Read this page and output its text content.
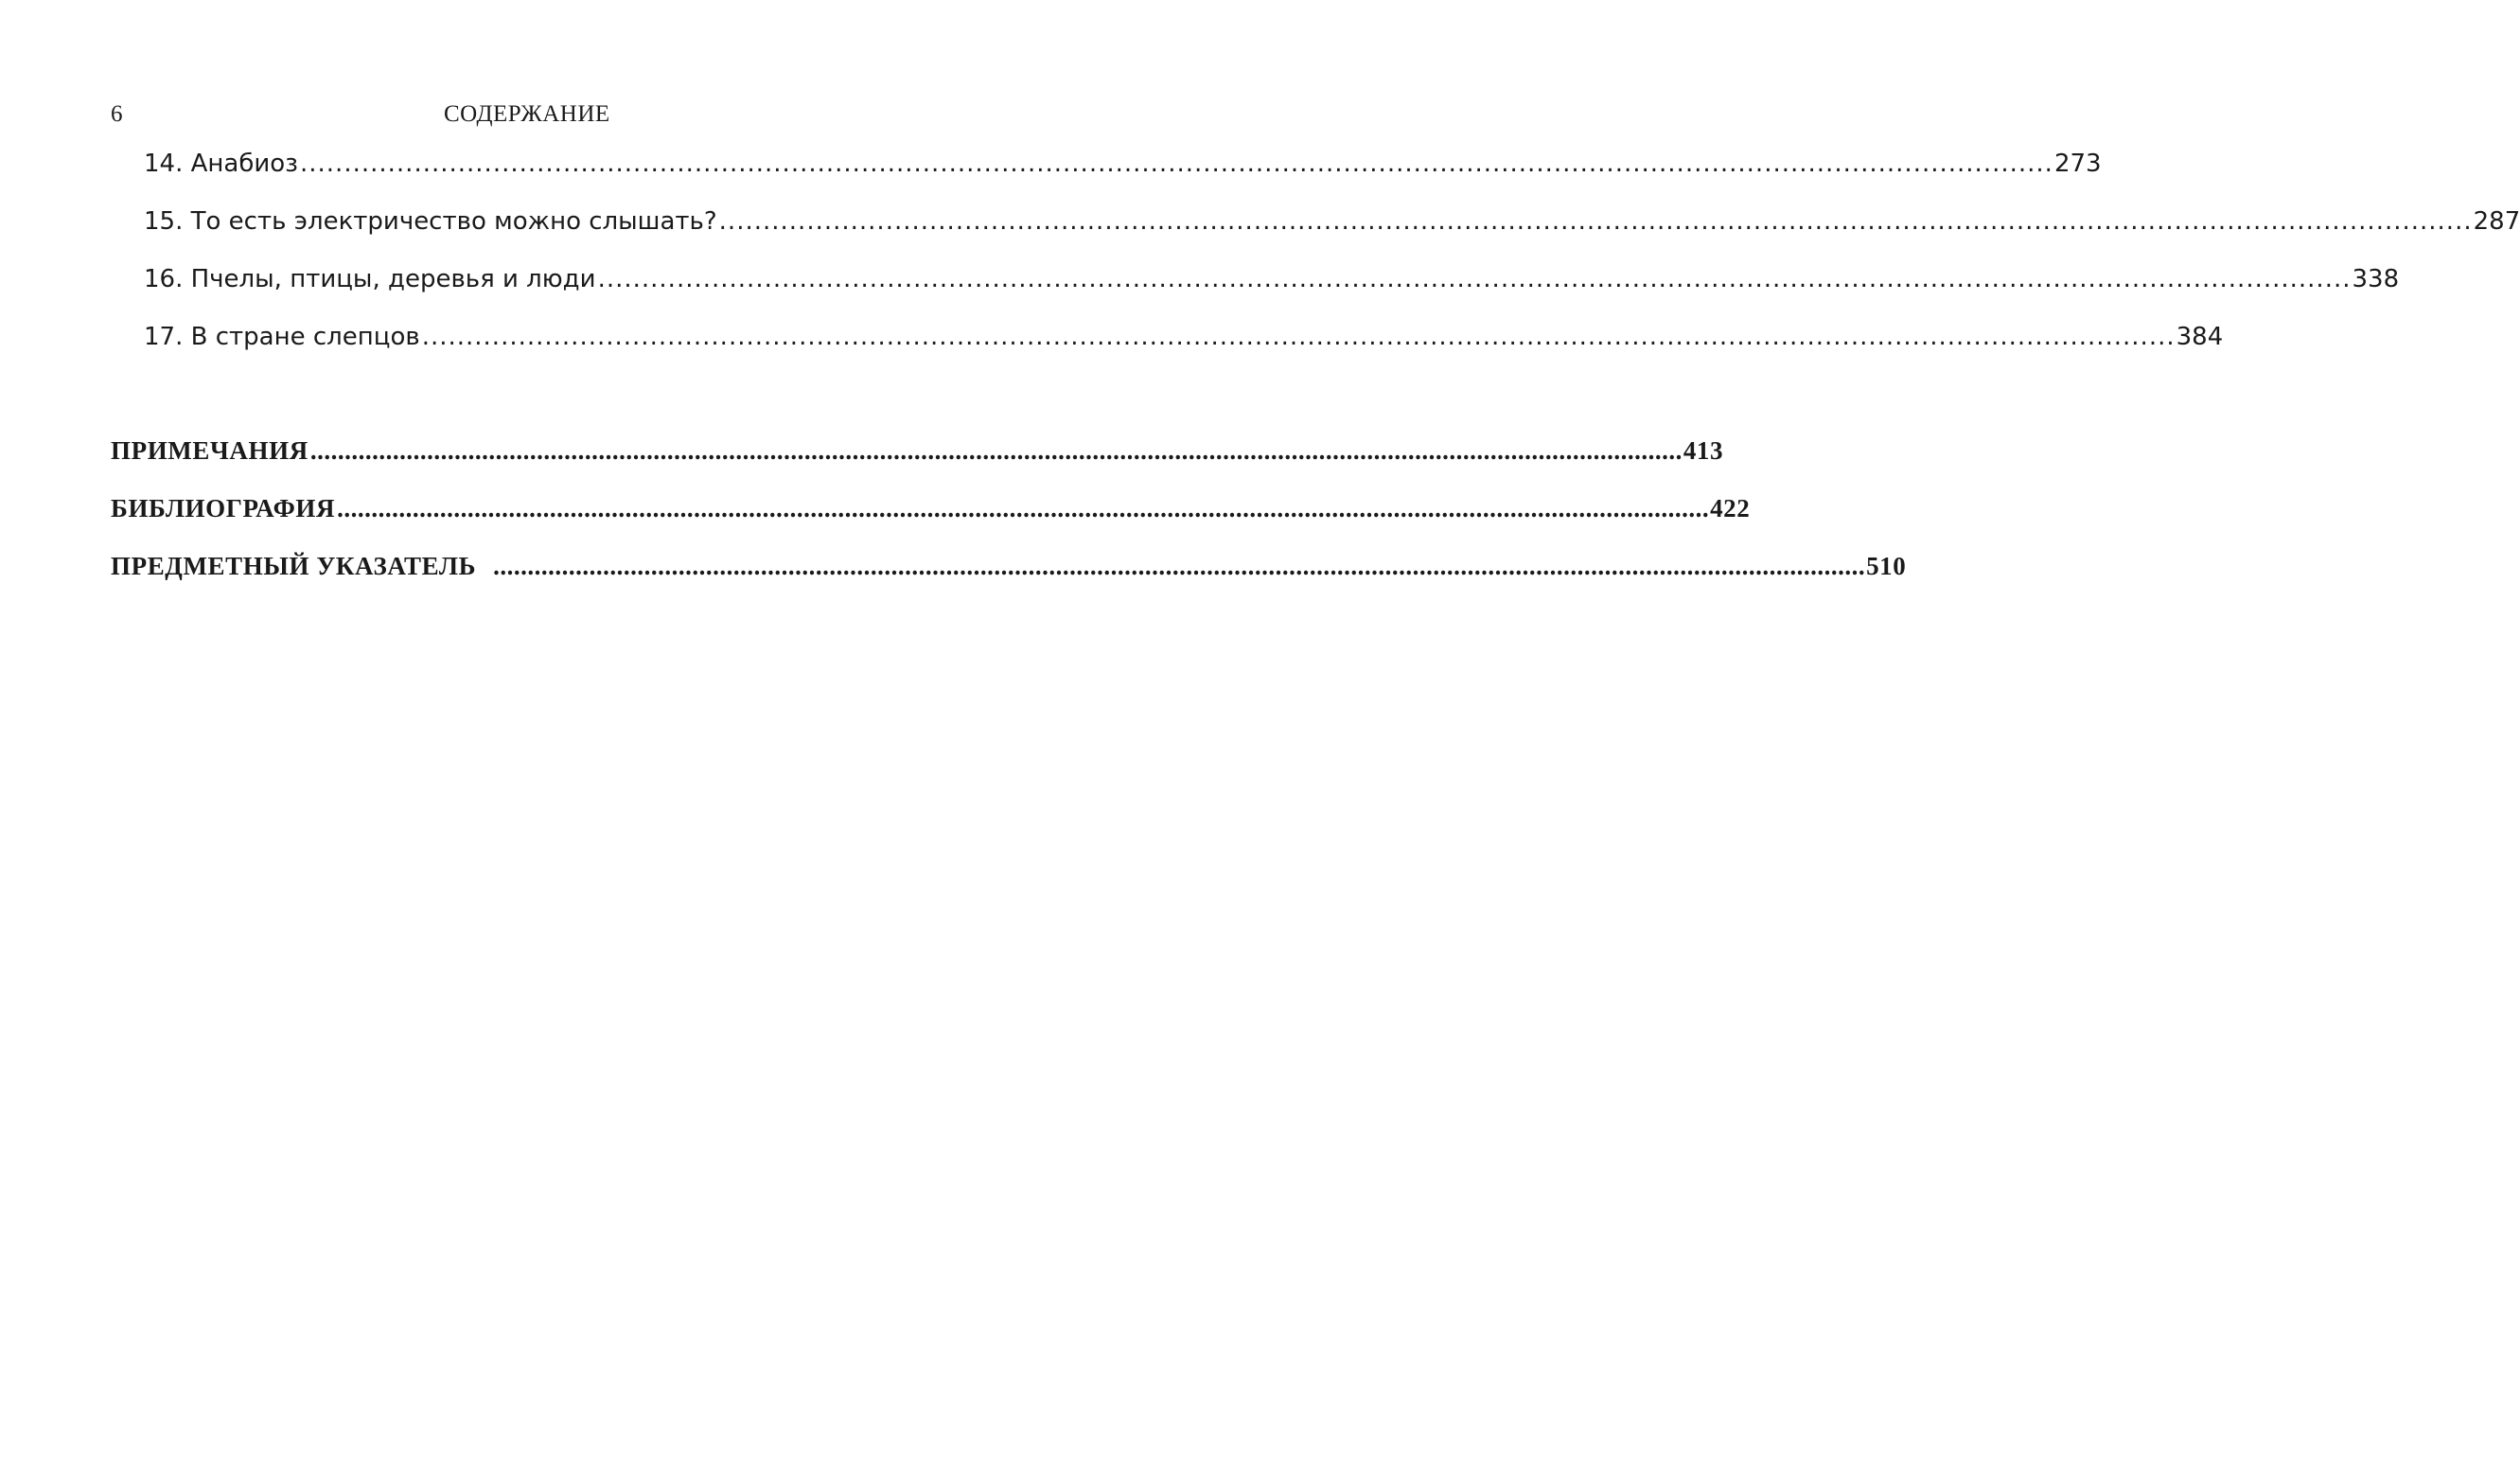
6	СОДЕРЖАНИЕ
14. Анабиоз ........................................................................................................................................................................................................ 273
15. То есть электричество можно слышать? ........................................................................................................................................................................................................ 287
16. Пчелы, птицы, деревья и люди ........................................................................................................................................................................................................ 338
17. В стране слепцов ........................................................................................................................................................................................................ 384
ПРИМЕЧАНИЯ ........................................................................................................................................................................................................ 413
БИБЛИОГРАФИЯ ........................................................................................................................................................................................................ 422
ПРЕДМЕТНЫЙ УКАЗАТЕЛЬ ........................................................................................................................................................................................................ 510
